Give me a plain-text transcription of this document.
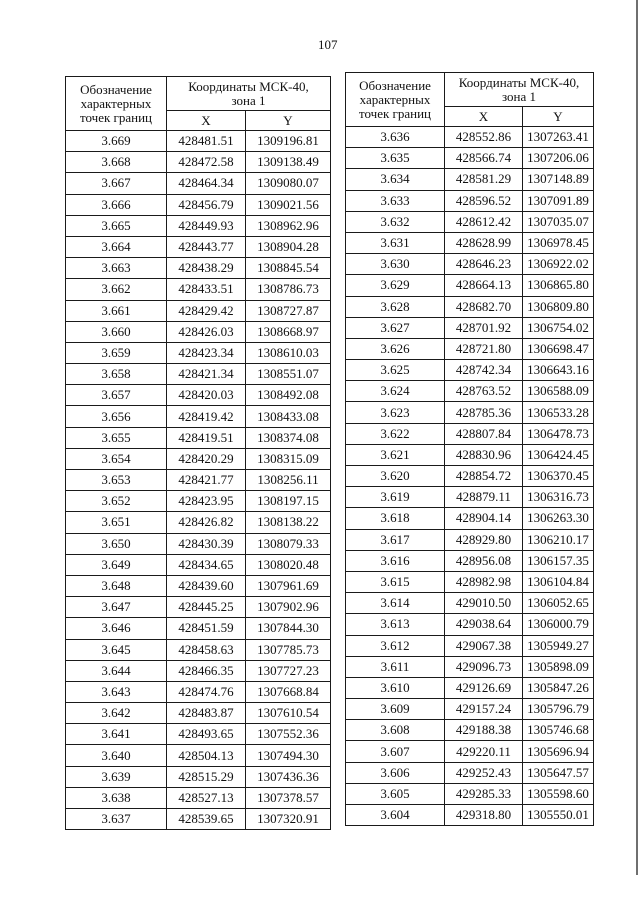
107
Обозначение
характерных
точек границ	Координаты МСК-40,
зона 1	
	X	Y
3.669	428481.51	1309196.81
3.668	428472.58	1309138.49
3.667	428464.34	1309080.07
3.666	428456.79	1309021.56
3.665	428449.93	1308962.96
3.664	428443.77	1308904.28
3.663	428438.29	1308845.54
3.662	428433.51	1308786.73
3.661	428429.42	1308727.87
3.660	428426.03	1308668.97
3.659	428423.34	1308610.03
3.658	428421.34	1308551.07
3.657	428420.03	1308492.08
3.656	428419.42	1308433.08
3.655	428419.51	1308374.08
3.654	428420.29	1308315.09
3.653	428421.77	1308256.11
3.652	428423.95	1308197.15
3.651	428426.82	1308138.22
3.650	428430.39	1308079.33
3.649	428434.65	1308020.48
3.648	428439.60	1307961.69
3.647	428445.25	1307902.96
3.646	428451.59	1307844.30
3.645	428458.63	1307785.73
3.644	428466.35	1307727.23
3.643	428474.76	1307668.84
3.642	428483.87	1307610.54
3.641	428493.65	1307552.36
3.640	428504.13	1307494.30
3.639	428515.29	1307436.36
3.638	428527.13	1307378.57
3.637	428539.65	1307320.91
Обозначение
характерных
точек границ	Координаты МСК-40,
зона 1	
	X	Y
3.636	428552.86	1307263.41
3.635	428566.74	1307206.06
3.634	428581.29	1307148.89
3.633	428596.52	1307091.89
3.632	428612.42	1307035.07
3.631	428628.99	1306978.45
3.630	428646.23	1306922.02
3.629	428664.13	1306865.80
3.628	428682.70	1306809.80
3.627	428701.92	1306754.02
3.626	428721.80	1306698.47
3.625	428742.34	1306643.16
3.624	428763.52	1306588.09
3.623	428785.36	1306533.28
3.622	428807.84	1306478.73
3.621	428830.96	1306424.45
3.620	428854.72	1306370.45
3.619	428879.11	1306316.73
3.618	428904.14	1306263.30
3.617	428929.80	1306210.17
3.616	428956.08	1306157.35
3.615	428982.98	1306104.84
3.614	429010.50	1306052.65
3.613	429038.64	1306000.79
3.612	429067.38	1305949.27
3.611	429096.73	1305898.09
3.610	429126.69	1305847.26
3.609	429157.24	1305796.79
3.608	429188.38	1305746.68
3.607	429220.11	1305696.94
3.606	429252.43	1305647.57
3.605	429285.33	1305598.60
3.604	429318.80	1305550.01
